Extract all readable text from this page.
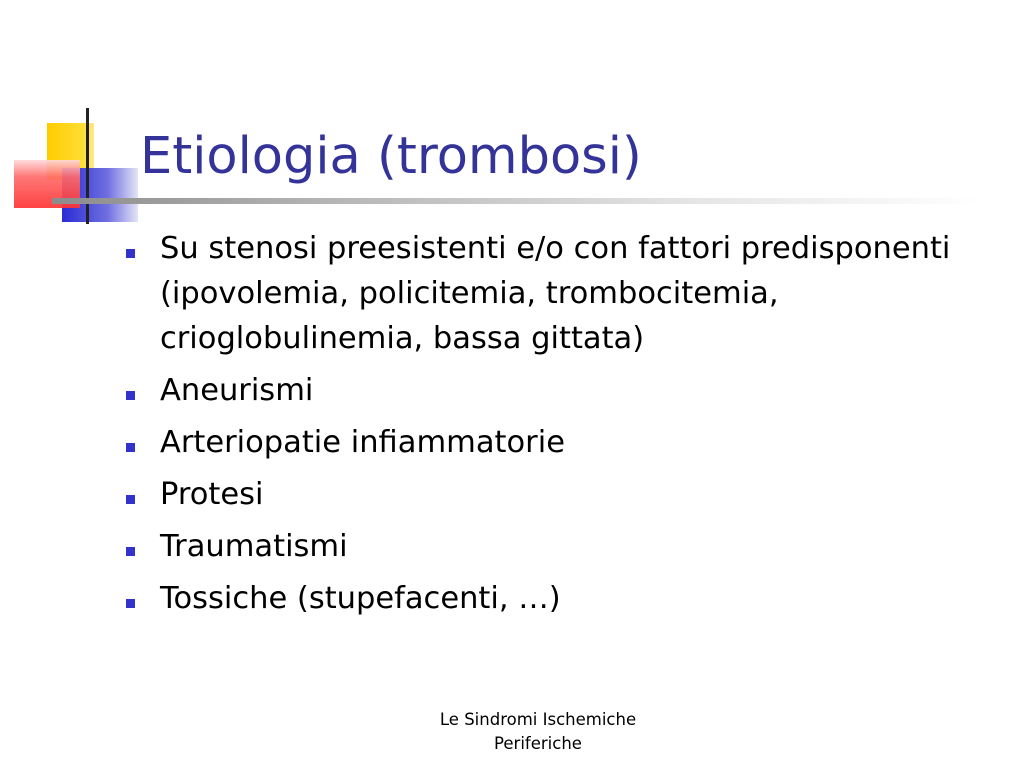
Etiologia (trombosi)
Su stenosi preesistenti e/o con fattori predisponenti (ipovolemia, policitemia, trombocitemia, crioglobulinemia, bassa gittata)
Aneurismi
Arteriopatie infiammatorie
Protesi
Traumatismi
Tossiche (stupefacenti, …)
Le Sindromi Ischemiche
Periferiche
